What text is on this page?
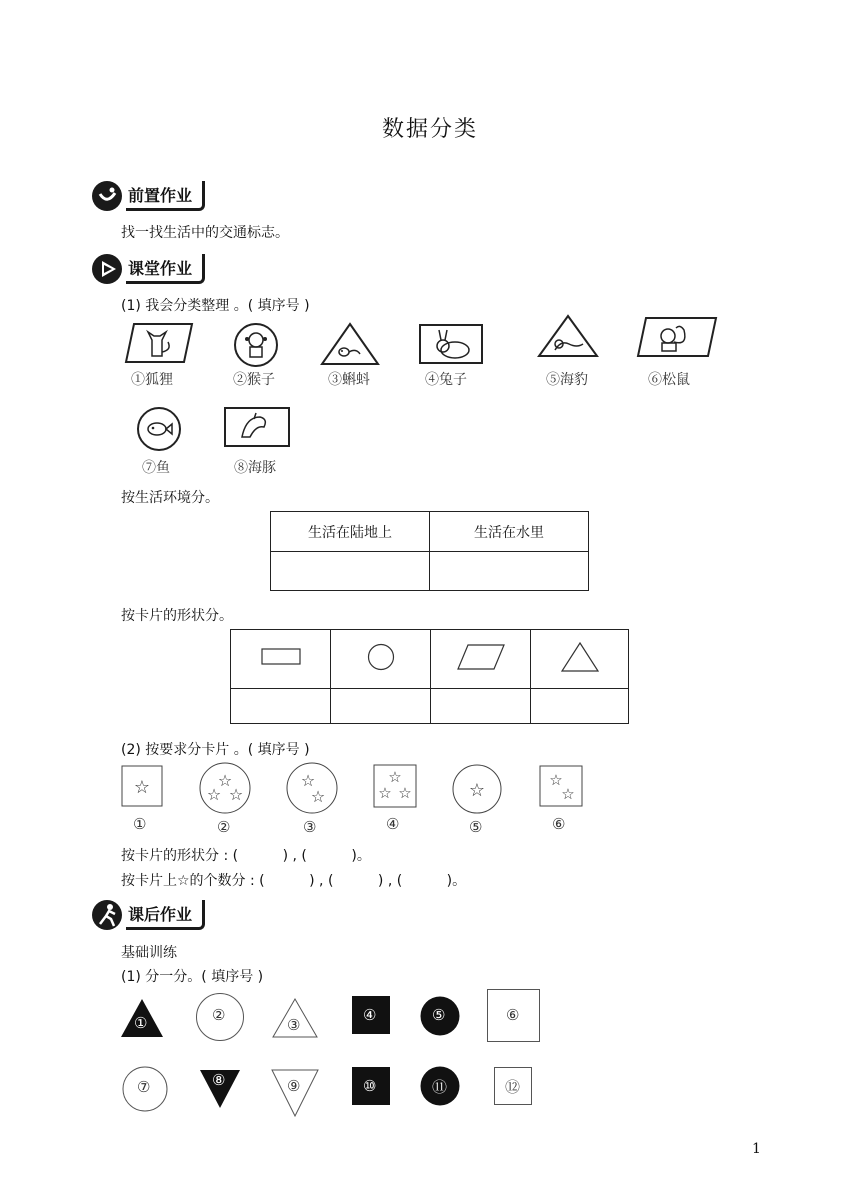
数据分类
前置作业
找一找生活中的交通标志。
课堂作业
(1) 我会分类整理 。( 填序号 )
①狐狸	②猴子	③蝌蚪	④兔子	⑤海豹	⑥松鼠
⑦鱼	⑧海豚
按生活环境分。
生活在陆地上	生活在水里

按卡片的形状分。

(2) 按要求分卡片 。( 填序号 )
☆
①
☆
☆ ☆
②
☆
☆
③
☆
☆ ☆
④
☆
⑤
☆
☆
⑥
按卡片的形状分 : (          ) , (          )。
按卡片上☆的个数分 : (          ) , (          ) , (          )。
课后作业
基础训练
(1) 分一分。( 填序号 )
①	②
③
④	⑤	⑥
⑦	⑧	⑨	⑩	⑪	⑫
1
